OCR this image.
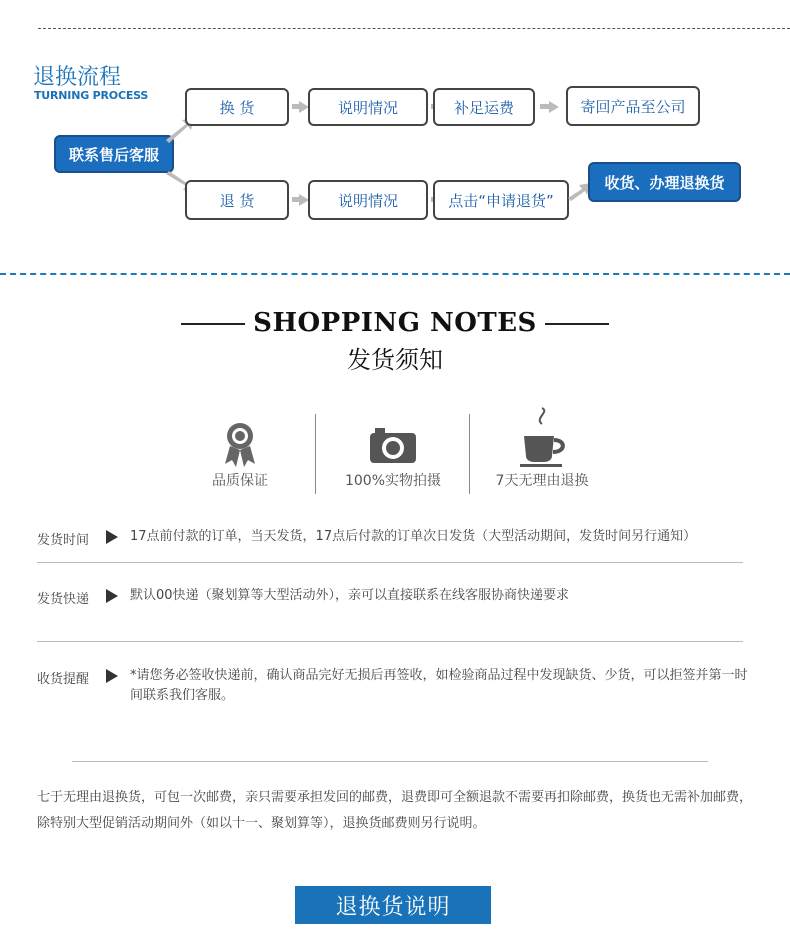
退换流程
TURNING PROCESS
联系售后客服
换 货	说明情况	补足运费	寄回产品至公司
退 货	说明情况	点击“申请退货”
收货、办理退换货
SHOPPING NOTES
发货须知
品质保证	100%实物拍摄	7天无理由退换
发货时间	17点前付款的订单，当天发货，17点后付款的订单次日发货（大型活动期间，发货时间另行通知）
发货快递	默认00快递（聚划算等大型活动外），亲可以直接联系在线客服协商快递要求
收货提醒	*请您务必签收快递前，确认商品完好无损后再签收，如检验商品过程中发现缺货、少货，可以拒签并第一时间联系我们客服。
七于无理由退换货，可包一次邮费，亲只需要承担发回的邮费，退费即可全额退款不需要再扣除邮费，换货也无需补加邮费，除特别大型促销活动期间外（如以十一、聚划算等），退换货邮费则另行说明。
退换货说明
